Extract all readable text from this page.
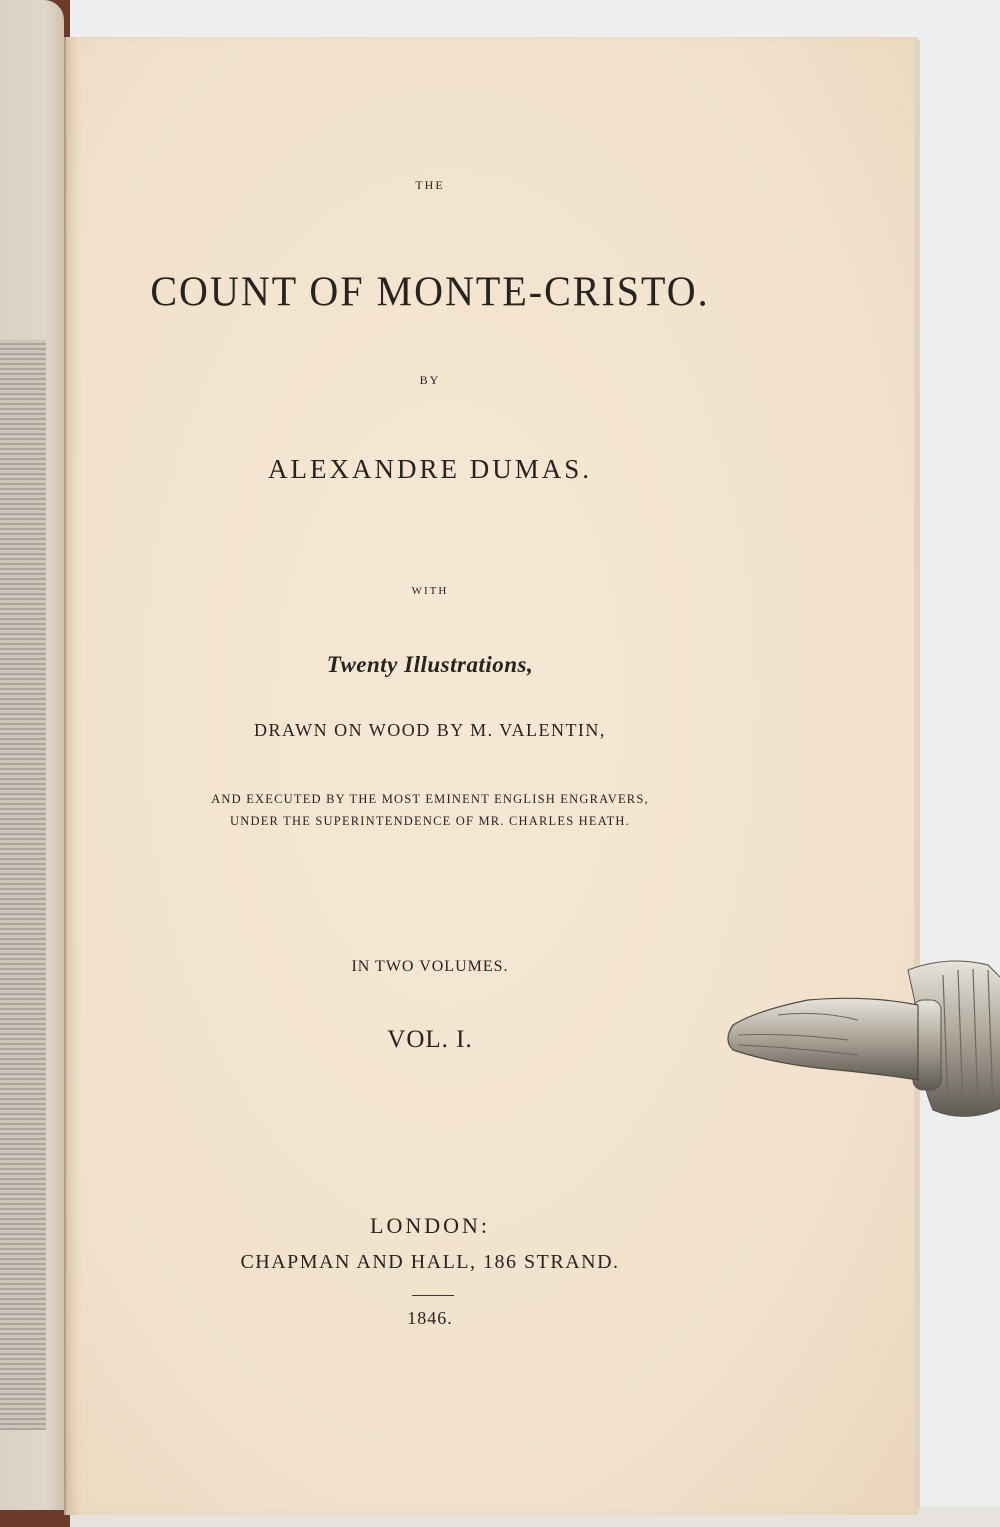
THE
COUNT OF MONTE-CRISTO.
BY
ALEXANDRE DUMAS.
WITH
Twenty Illustrations,
DRAWN ON WOOD BY M. VALENTIN,
AND EXECUTED BY THE MOST EMINENT ENGLISH ENGRAVERS,
UNDER THE SUPERINTENDENCE OF MR. CHARLES HEATH.
IN TWO VOLUMES.
VOL. I.
LONDON:
CHAPMAN AND HALL, 186 STRAND.
1846.
